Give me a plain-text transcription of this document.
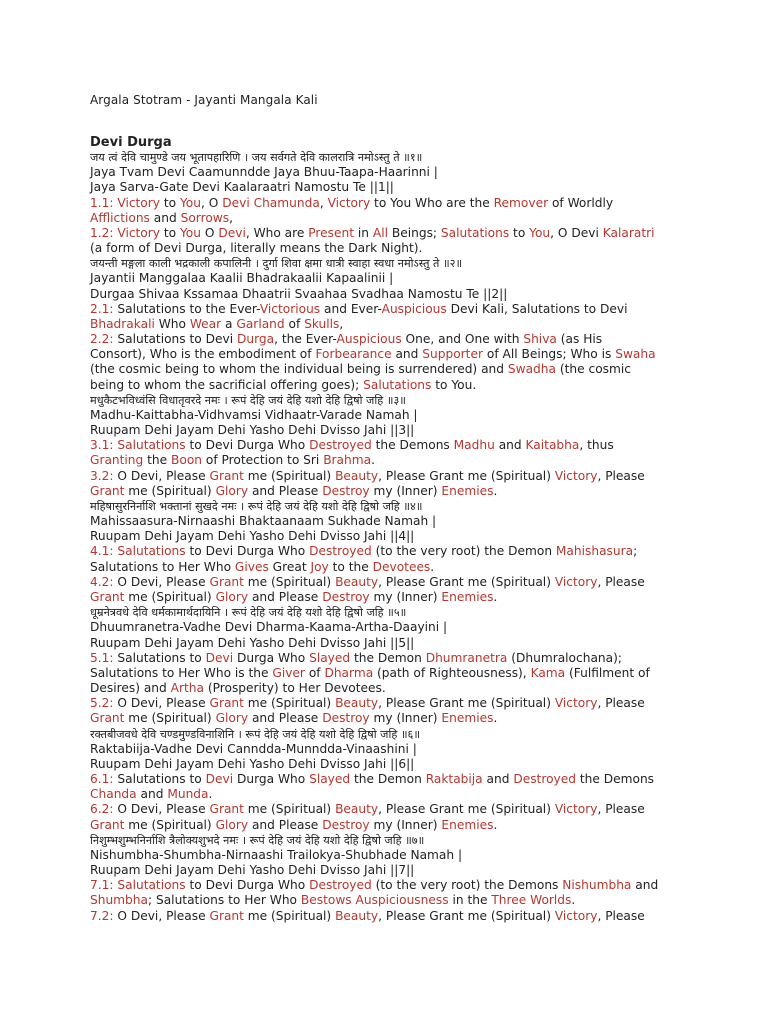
Argala Stotram - Jayanti Mangala Kali
Devi Durga
जय त्वं देवि चामुण्डे जय भूतापहारिणि । जय सर्वगते देवि कालरात्रि नमोऽस्तु ते ॥१॥
Jaya Tvam Devi Caamunndde Jaya Bhuu-Taapa-Haarinni |
Jaya Sarva-Gate Devi Kaalaraatri Namostu Te ||1||
1.1: Victory to You, O Devi Chamunda, Victory to You Who are the Remover of Worldly
Afflictions and Sorrows,
1.2: Victory to You O Devi, Who are Present in All Beings; Salutations to You, O Devi Kalaratri
(a form of Devi Durga, literally means the Dark Night).
जयन्ती मङ्गला काली भद्रकाली कपालिनी । दुर्गा शिवा क्षमा धात्री स्वाहा स्वधा नमोऽस्तु ते ॥२॥
Jayantii Manggalaa Kaalii Bhadrakaalii Kapaalinii |
Durgaa Shivaa Kssamaa Dhaatrii Svaahaa Svadhaa Namostu Te ||2||
2.1: Salutations to the Ever-Victorious and Ever-Auspicious Devi Kali, Salutations to Devi
Bhadrakali Who Wear a Garland of Skulls,
2.2: Salutations to Devi Durga, the Ever-Auspicious One, and One with Shiva (as His
Consort), Who is the embodiment of Forbearance and Supporter of All Beings; Who is Swaha
(the cosmic being to whom the individual being is surrendered) and Swadha (the cosmic
being to whom the sacrificial offering goes); Salutations to You.
मधुकैटभविध्वंसि विधातृवरदे नमः । रूपं देहि जयं देहि यशो देहि द्विषो जहि ॥३॥
Madhu-Kaittabha-Vidhvamsi Vidhaatr-Varade Namah |
Ruupam Dehi Jayam Dehi Yasho Dehi Dvisso Jahi ||3||
3.1: Salutations to Devi Durga Who Destroyed the Demons Madhu and Kaitabha, thus
Granting the Boon of Protection to Sri Brahma.
3.2: O Devi, Please Grant me (Spiritual) Beauty, Please Grant me (Spiritual) Victory, Please
Grant me (Spiritual) Glory and Please Destroy my (Inner) Enemies.
महिषासुरनिर्नाशि भक्तानां सुखदे नमः । रूपं देहि जयं देहि यशो देहि द्विषो जहि ॥४॥
Mahissaasura-Nirnaashi Bhaktaanaam Sukhade Namah |
Ruupam Dehi Jayam Dehi Yasho Dehi Dvisso Jahi ||4||
4.1: Salutations to Devi Durga Who Destroyed (to the very root) the Demon Mahishasura;
Salutations to Her Who Gives Great Joy to the Devotees.
4.2: O Devi, Please Grant me (Spiritual) Beauty, Please Grant me (Spiritual) Victory, Please
Grant me (Spiritual) Glory and Please Destroy my (Inner) Enemies.
धूम्रनेत्रवधे देवि धर्मकामार्थदायिनि । रूपं देहि जयं देहि यशो देहि द्विषो जहि ॥५॥
Dhuumranetra-Vadhe Devi Dharma-Kaama-Artha-Daayini |
Ruupam Dehi Jayam Dehi Yasho Dehi Dvisso Jahi ||5||
5.1: Salutations to Devi Durga Who Slayed the Demon Dhumranetra (Dhumralochana);
Salutations to Her Who is the Giver of Dharma (path of Righteousness), Kama (Fulfilment of
Desires) and Artha (Prosperity) to Her Devotees.
5.2: O Devi, Please Grant me (Spiritual) Beauty, Please Grant me (Spiritual) Victory, Please
Grant me (Spiritual) Glory and Please Destroy my (Inner) Enemies.
रक्तबीजवधे देवि चण्डमुण्डविनाशिनि । रूपं देहि जयं देहि यशो देहि द्विषो जहि ॥६॥
Raktabiija-Vadhe Devi Canndda-Munndda-Vinaashini |
Ruupam Dehi Jayam Dehi Yasho Dehi Dvisso Jahi ||6||
6.1: Salutations to Devi Durga Who Slayed the Demon Raktabija and Destroyed the Demons
Chanda and Munda.
6.2: O Devi, Please Grant me (Spiritual) Beauty, Please Grant me (Spiritual) Victory, Please
Grant me (Spiritual) Glory and Please Destroy my (Inner) Enemies.
निशुम्भशुम्भनिर्नाशि त्रैलोक्यशुभदे नमः । रूपं देहि जयं देहि यशो देहि द्विषो जहि ॥७॥
Nishumbha-Shumbha-Nirnaashi Trailokya-Shubhade Namah |
Ruupam Dehi Jayam Dehi Yasho Dehi Dvisso Jahi ||7||
7.1: Salutations to Devi Durga Who Destroyed (to the very root) the Demons Nishumbha and
Shumbha; Salutations to Her Who Bestows Auspiciousness in the Three Worlds.
7.2: O Devi, Please Grant me (Spiritual) Beauty, Please Grant me (Spiritual) Victory, Please
